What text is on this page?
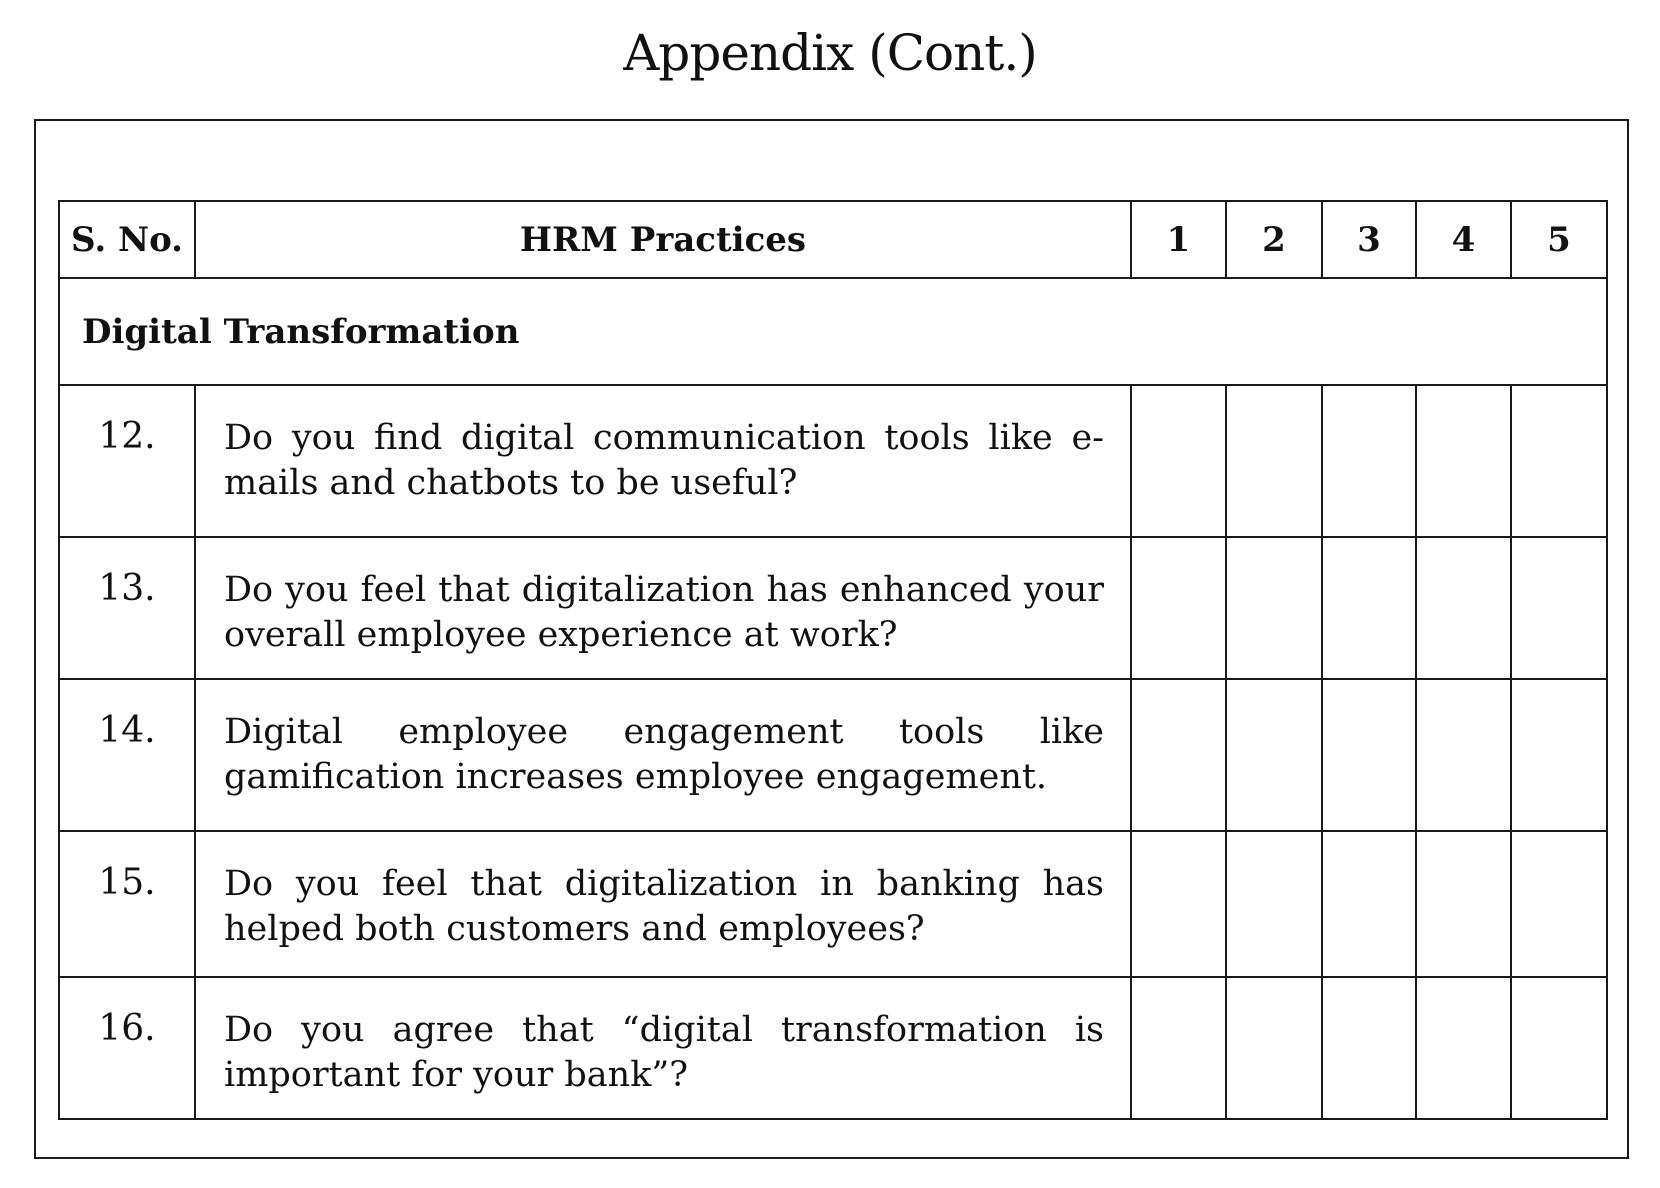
Appendix (Cont.)
S. No.	HRM Practices	1	2	3	4	5
Digital Transformation						
12.	Do you find digital communication tools like e-mails and chatbots to be useful?					
13.	Do you feel that digitalization has enhanced your overall employee experience at work?					
14.	Digital employee engagement tools like gamification increases employee engagement.					
15.	Do you feel that digitalization in banking has helped both customers and employees?					
16.	Do you agree that “digital transformation is important for your bank”?					
